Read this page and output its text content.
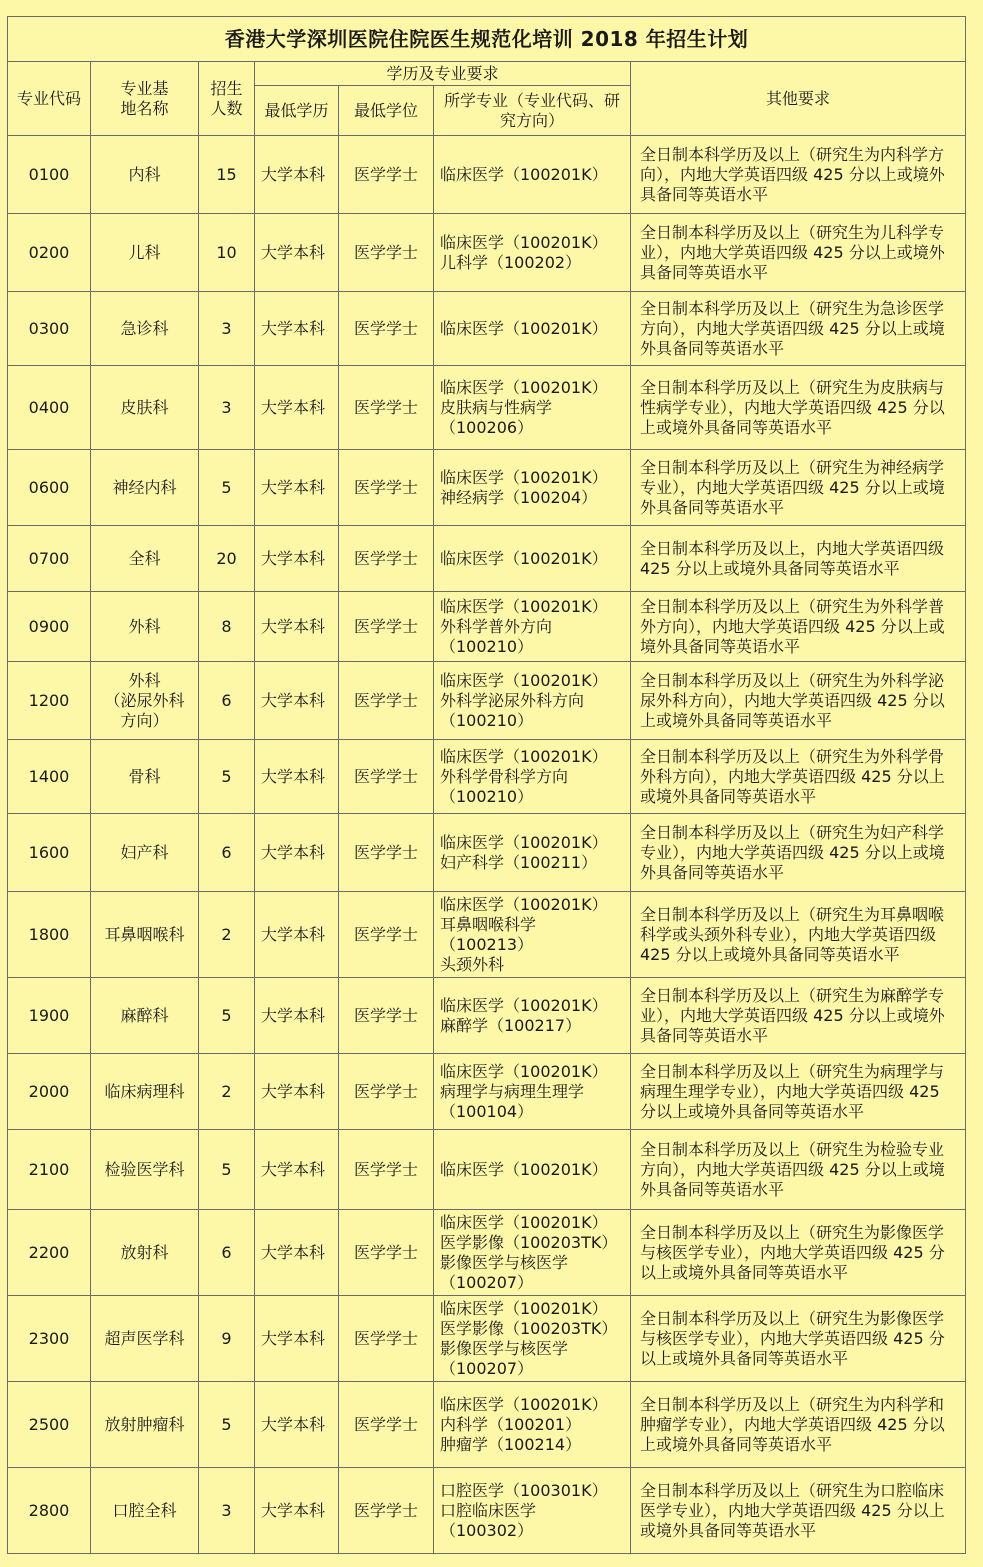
香港大学深圳医院住院医生规范化培训 2018 年招生计划						
专业代码	专业基地名称	招生人数	学历及专业要求			其他要求
			最低学历	最低学位	所学专业（专业代码、研究方向）	

0100	内科	15	大学本科	医学学士	临床医学（100201K）	全日制本科学历及以上（研究生为内科学方向），内地大学英语四级 425 分以上或境外具备同等英语水平

0200	儿科	10	大学本科	医学学士	临床医学（100201K）
儿科学（100202）	全日制本科学历及以上（研究生为儿科学专业），内地大学英语四级 425 分以上或境外具备同等英语水平

0300	急诊科	3	大学本科	医学学士	临床医学（100201K）	全日制本科学历及以上（研究生为急诊医学方向），内地大学英语四级 425 分以上或境外具备同等英语水平

0400	皮肤科	3	大学本科	医学学士	临床医学（100201K）
皮肤病与性病学
（100206）	全日制本科学历及以上（研究生为皮肤病与性病学专业），内地大学英语四级 425 分以上或境外具备同等英语水平

0600	神经内科	5	大学本科	医学学士	临床医学（100201K）
神经病学（100204）	全日制本科学历及以上（研究生为神经病学专业），内地大学英语四级 425 分以上或境外具备同等英语水平

0700	全科	20	大学本科	医学学士	临床医学（100201K）	全日制本科学历及以上，内地大学英语四级 425 分以上或境外具备同等英语水平

0900	外科	8	大学本科	医学学士	临床医学（100201K）
外科学普外方向
（100210）	全日制本科学历及以上（研究生为外科学普外方向），内地大学英语四级 425 分以上或境外具备同等英语水平

1200	外科
（泌尿外科
方向）	6	大学本科	医学学士	临床医学（100201K）
外科学泌尿外科方向
（100210）	全日制本科学历及以上（研究生为外科学泌尿外科方向），内地大学英语四级 425 分以上或境外具备同等英语水平

1400	骨科	5	大学本科	医学学士	临床医学（100201K）
外科学骨科学方向
（100210）	全日制本科学历及以上（研究生为外科学骨外科方向），内地大学英语四级 425 分以上或境外具备同等英语水平

1600	妇产科	6	大学本科	医学学士	临床医学（100201K）
妇产科学（100211）	全日制本科学历及以上（研究生为妇产科学专业），内地大学英语四级 425 分以上或境外具备同等英语水平

1800	耳鼻咽喉科	2	大学本科	医学学士	临床医学（100201K）
耳鼻咽喉科学
（100213）
头颈外科	全日制本科学历及以上（研究生为耳鼻咽喉科学或头颈外科专业），内地大学英语四级 425 分以上或境外具备同等英语水平

1900	麻醉科	5	大学本科	医学学士	临床医学（100201K）
麻醉学（100217）	全日制本科学历及以上（研究生为麻醉学专业），内地大学英语四级 425 分以上或境外具备同等英语水平

2000	临床病理科	2	大学本科	医学学士	临床医学（100201K）
病理学与病理生理学
（100104）	全日制本科学历及以上（研究生为病理学与病理生理学专业），内地大学英语四级 425 分以上或境外具备同等英语水平

2100	检验医学科	5	大学本科	医学学士	临床医学（100201K）	全日制本科学历及以上（研究生为检验专业方向），内地大学英语四级 425 分以上或境外具备同等英语水平

2200	放射科	6	大学本科	医学学士	临床医学（100201K）
医学影像（100203TK）
影像医学与核医学
（100207）	全日制本科学历及以上（研究生为影像医学与核医学专业），内地大学英语四级 425 分以上或境外具备同等英语水平

2300	超声医学科	9	大学本科	医学学士	临床医学（100201K）
医学影像（100203TK）
影像医学与核医学
（100207）	全日制本科学历及以上（研究生为影像医学与核医学专业），内地大学英语四级 425 分以上或境外具备同等英语水平

2500	放射肿瘤科	5	大学本科	医学学士	临床医学（100201K）
内科学（100201）
肿瘤学（100214）	全日制本科学历及以上（研究生为内科学和肿瘤学专业），内地大学英语四级 425 分以上或境外具备同等英语水平

2800	口腔全科	3	大学本科	医学学士	口腔医学（100301K）
口腔临床医学
（100302）	全日制本科学历及以上（研究生为口腔临床医学专业），内地大学英语四级 425 分以上或境外具备同等英语水平
